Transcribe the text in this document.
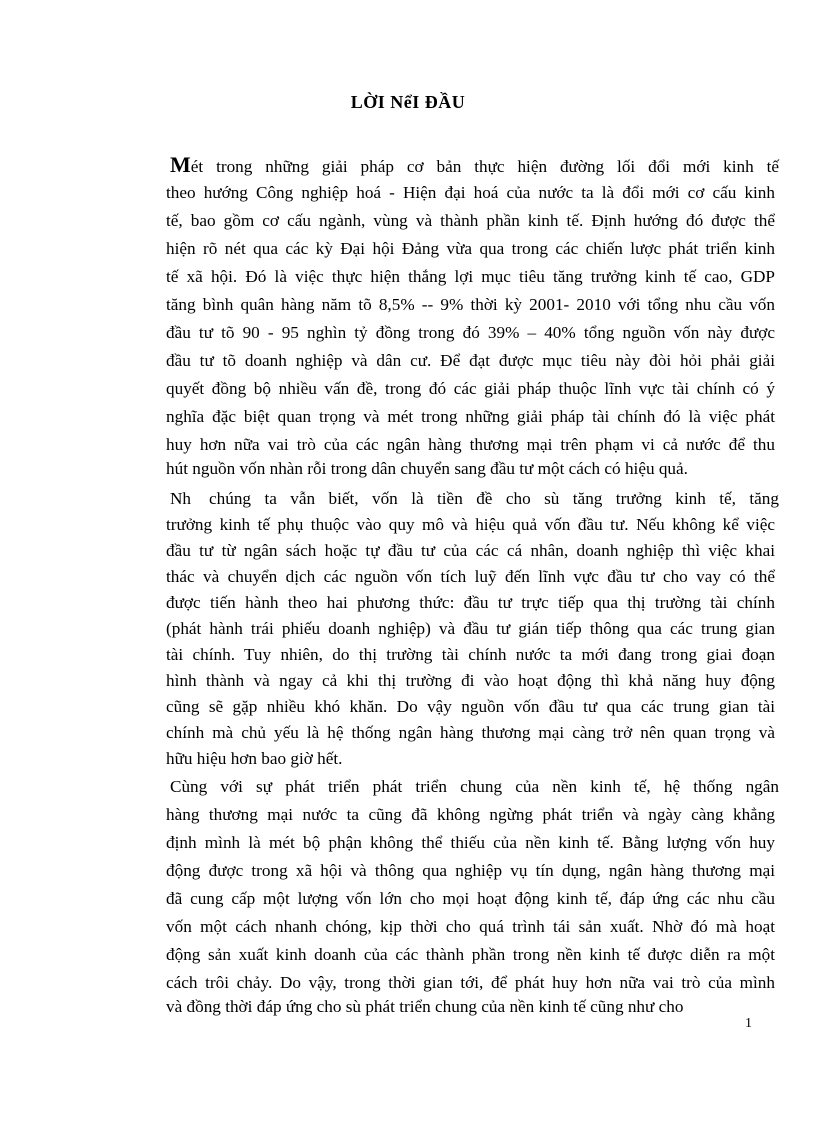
LỜI NểI ĐẦU
Mét trong những giải pháp cơ bản thực hiện đường lối đổi mới kinh tế
theo hướng Công nghiệp hoá - Hiện đại hoá của nước ta là đổi mới cơ cấu kinh
tế, bao gồm cơ cấu ngành, vùng và thành phần kinh tế. Định hướng đó được thể
hiện rõ nét qua các kỳ Đại hội Đảng vừa qua trong các chiến lược phát triển kinh
tế xã hội. Đó là việc thực hiện thắng lợi mục tiêu tăng trưởng kinh tế cao, GDP
tăng bình quân hàng năm tõ 8,5% -- 9% thời kỳ 2001- 2010 với tổng nhu cầu vốn
đầu tư tõ 90 - 95 nghìn tỷ đồng trong đó 39% – 40% tổng nguồn vốn này được
đầu tư tõ doanh nghiệp và dân cư. Để đạt được mục tiêu này đòi hỏi phải giải
quyết đồng bộ nhiều vấn đề, trong đó các giải pháp thuộc lĩnh vực tài chính có ý
nghĩa đặc biệt quan trọng và mét trong những giải pháp tài chính đó là việc phát
huy hơn nữa vai trò của các ngân hàng thương mại trên phạm vi cả nước để thu
hút nguồn vốn nhàn rỗi trong dân chuyển sang đầu tư một cách có hiệu quả.
Nh chúng ta vẫn biết, vốn là tiền đề cho sù tăng trưởng kinh tế, tăng
trưởng kinh tế phụ thuộc vào quy mô và hiệu quả vốn đầu tư. Nếu không kể việc
đầu tư từ ngân sách hoặc tự đầu tư của các cá nhân, doanh nghiệp thì việc khai
thác và chuyển dịch các nguồn vốn tích luỹ đến lĩnh vực đầu tư cho vay có thể
được tiến hành theo hai phương thức: đầu tư trực tiếp qua thị trường tài chính
(phát hành trái phiếu doanh nghiệp) và đầu tư gián tiếp thông qua các trung gian
tài chính. Tuy nhiên, do thị trường tài chính nước ta mới đang trong giai đoạn
hình thành và ngay cả khi thị trường đi vào hoạt động thì khả năng huy động
cũng sẽ gặp nhiều khó khăn. Do vậy nguồn vốn đầu tư qua các trung gian tài
chính mà chủ yếu là hệ thống ngân hàng thương mại càng trở nên quan trọng và
hữu hiệu hơn bao giờ hết.
Cùng với sự phát triển phát triển chung của nền kinh tế, hệ thống ngân
hàng thương mại nước ta cũng đã không ngừng phát triển và ngày càng khẳng
định mình là mét bộ phận không thể thiếu của nền kinh tế. Bằng lượng vốn huy
động được trong xã hội và thông qua nghiệp vụ tín dụng, ngân hàng thương mại
đã cung cấp một lượng vốn lớn cho mọi hoạt động kinh tế, đáp ứng các nhu cầu
vốn một cách nhanh chóng, kịp thời cho quá trình tái sản xuất. Nhờ đó mà hoạt
động sản xuất kinh doanh của các thành phần trong nền kinh tế được diễn ra một
cách trôi chảy. Do vậy, trong thời gian tới, để phát huy hơn nữa vai trò của mình
và đồng thời đáp ứng cho sù phát triển chung của nền kinh tế cũng như cho
1
